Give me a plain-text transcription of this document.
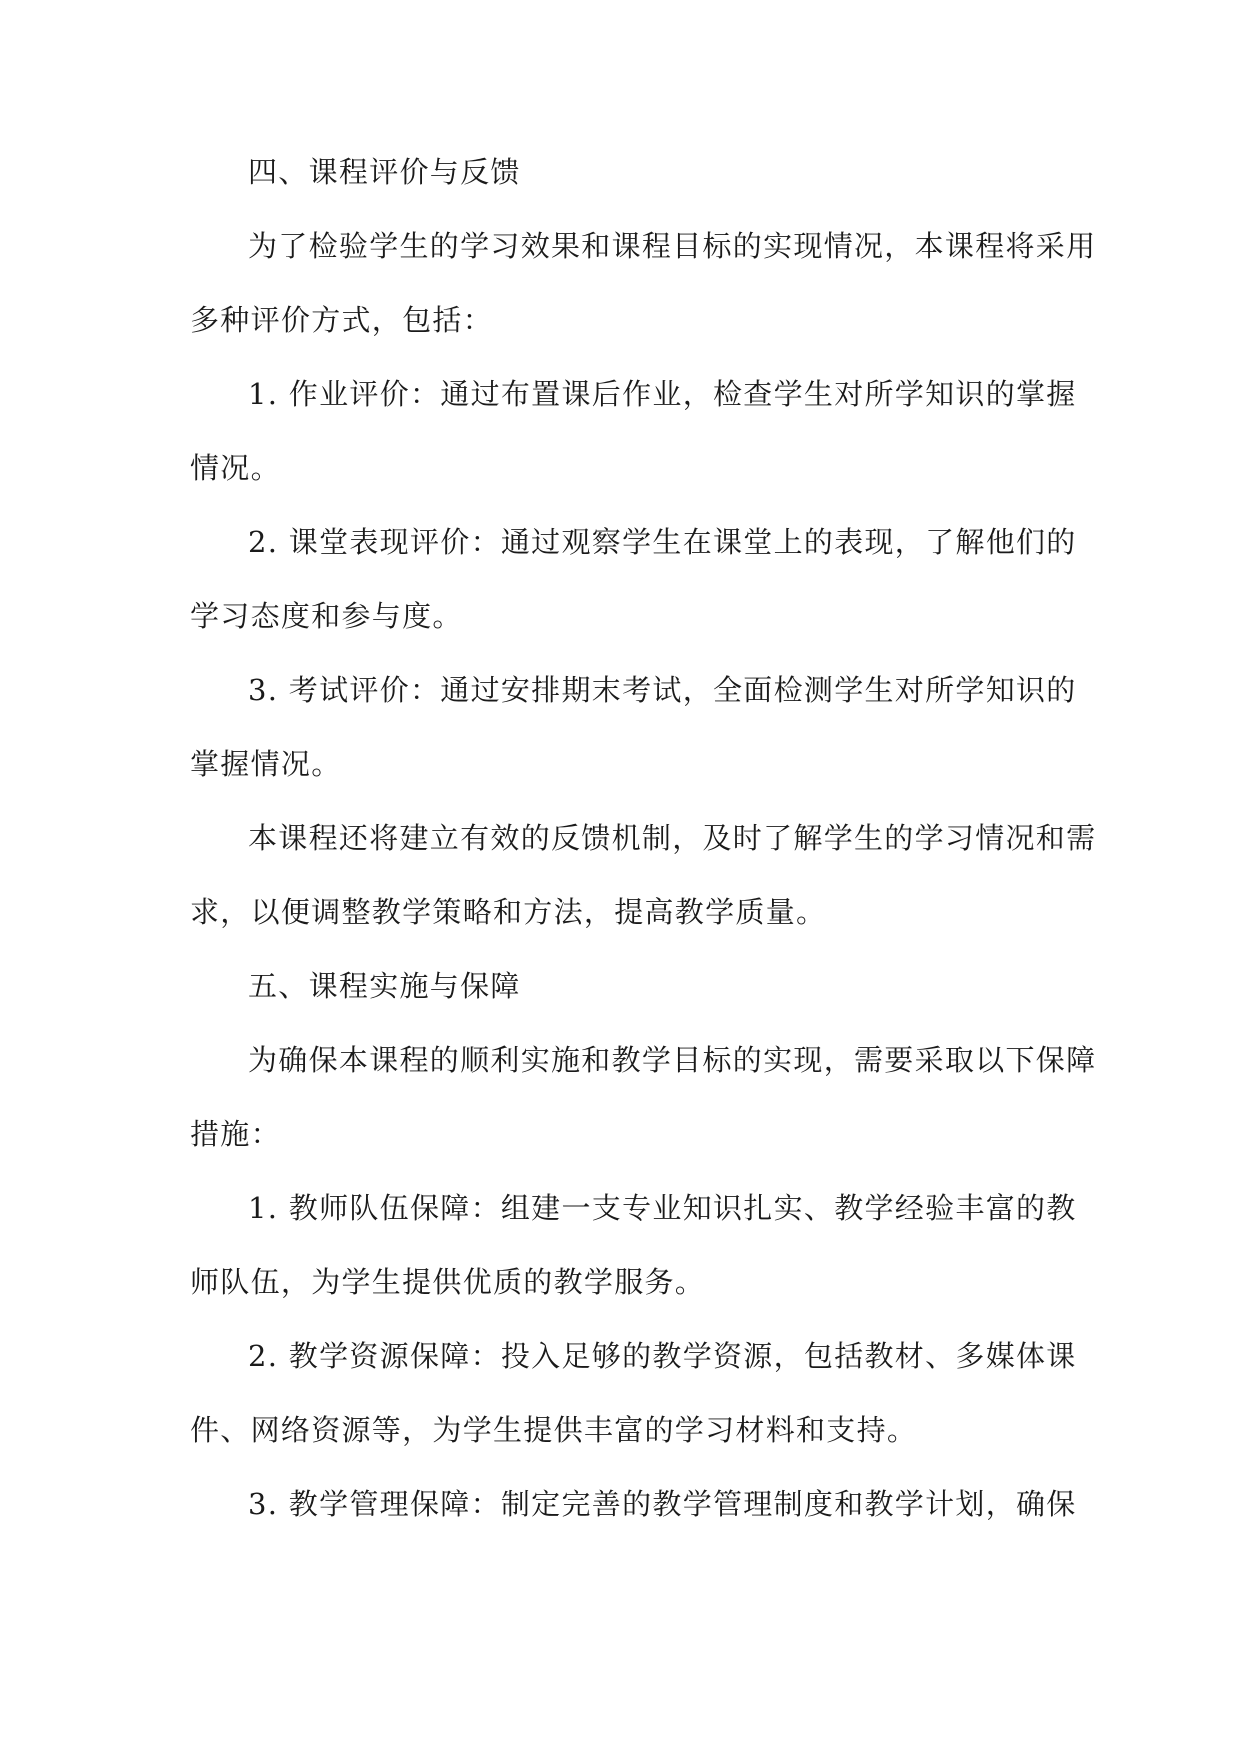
四、课程评价与反馈
为了检验学生的学习效果和课程目标的实现情况，本课程将采用
多种评价方式，包括：
1. 作业评价：通过布置课后作业，检查学生对所学知识的掌握
情况。
2. 课堂表现评价：通过观察学生在课堂上的表现，了解他们的
学习态度和参与度。
3. 考试评价：通过安排期末考试，全面检测学生对所学知识的
掌握情况。
本课程还将建立有效的反馈机制，及时了解学生的学习情况和需
求，以便调整教学策略和方法，提高教学质量。
五、课程实施与保障
为确保本课程的顺利实施和教学目标的实现，需要采取以下保障
措施：
1. 教师队伍保障：组建一支专业知识扎实、教学经验丰富的教
师队伍，为学生提供优质的教学服务。
2. 教学资源保障：投入足够的教学资源，包括教材、多媒体课
件、网络资源等，为学生提供丰富的学习材料和支持。
3. 教学管理保障：制定完善的教学管理制度和教学计划，确保
